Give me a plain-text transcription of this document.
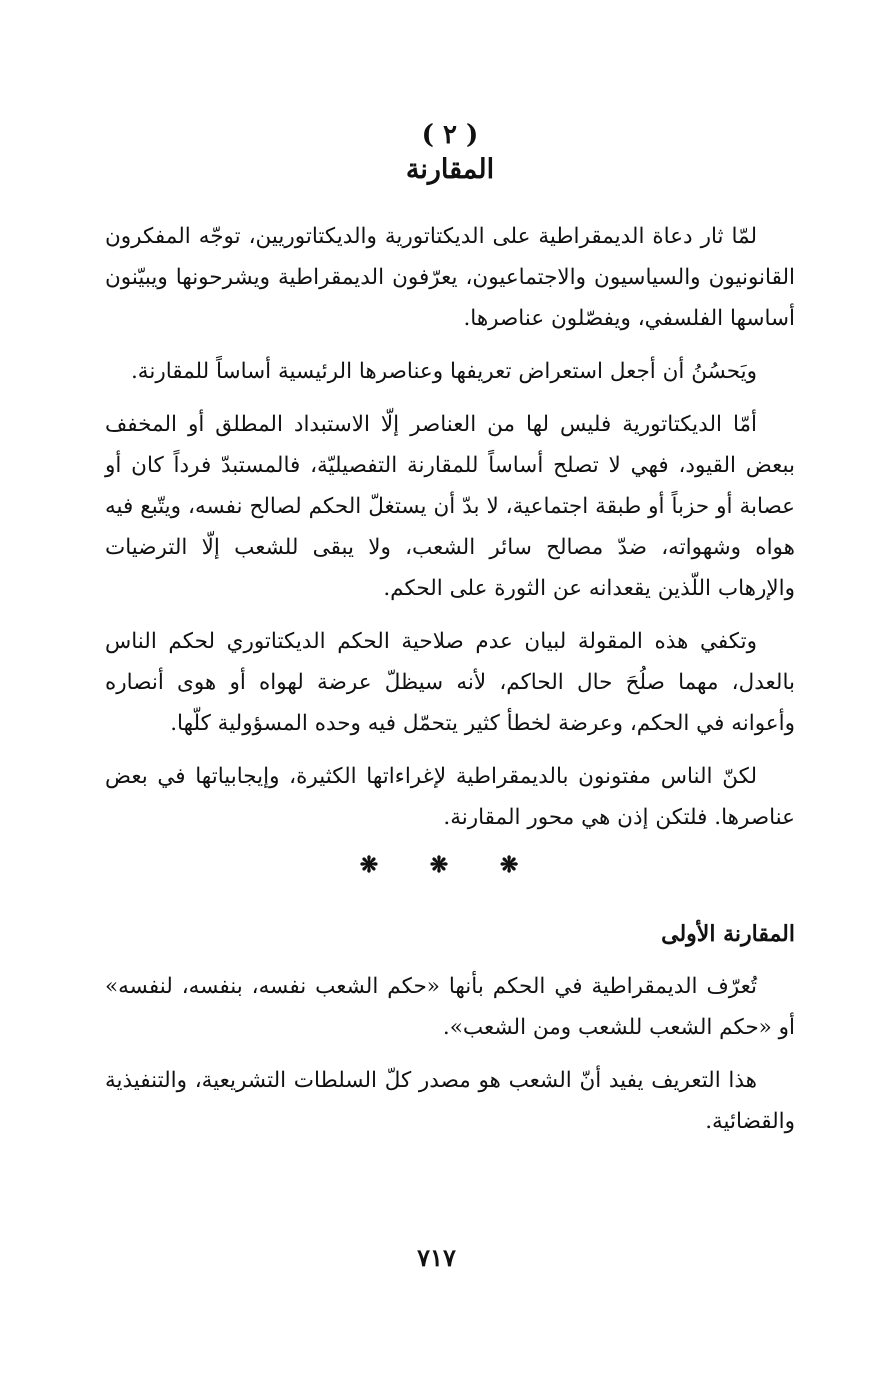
( ٢ )

المقارنة

لمّا ثار دعاة الديمقراطية على الديكتاتورية والديكتاتوريين، توجّه المفكرون القانونيون والسياسيون والاجتماعيون، يعرّفون الديمقراطية ويشرحونها ويبيّنون أساسها الفلسفي، ويفصّلون عناصرها.

ويَحسُنُ أن أجعل استعراض تعريفها وعناصرها الرئيسية أساساً للمقارنة.

أمّا الديكتاتورية فليس لها من العناصر إلّا الاستبداد المطلق أو المخفف ببعض القيود، فهي لا تصلح أساساً للمقارنة التفصيليّة، فالمستبدّ فرداً كان أو عصابة أو حزباً أو طبقة اجتماعية، لا بدّ أن يستغلّ الحكم لصالح نفسه، ويتّبع فيه هواه وشهواته، ضدّ مصالح سائر الشعب، ولا يبقى للشعب إلّا الترضيات والإرهاب اللّذين يقعدانه عن الثورة على الحكم.

وتكفي هذه المقولة لبيان عدم صلاحية الحكم الديكتاتوري لحكم الناس بالعدل، مهما صلُحَ حال الحاكم، لأنه سيظلّ عرضة لهواه أو هوى أنصاره وأعوانه في الحكم، وعرضة لخطأ كثير يتحمّل فيه وحده المسؤولية كلّها.

لكنّ الناس مفتونون بالديمقراطية لإغراءاتها الكثيرة، وإيجابياتها في بعض عناصرها. فلتكن إذن هي محور المقارنة.

❋ ❋ ❋
المقارنة الأولى

تُعرّف الديمقراطية في الحكم بأنها «حكم الشعب نفسه، بنفسه، لنفسه» أو «حكم الشعب للشعب ومن الشعب».

هذا التعريف يفيد أنّ الشعب هو مصدر كلّ السلطات التشريعية، والتنفيذية والقضائية.

٧١٧
